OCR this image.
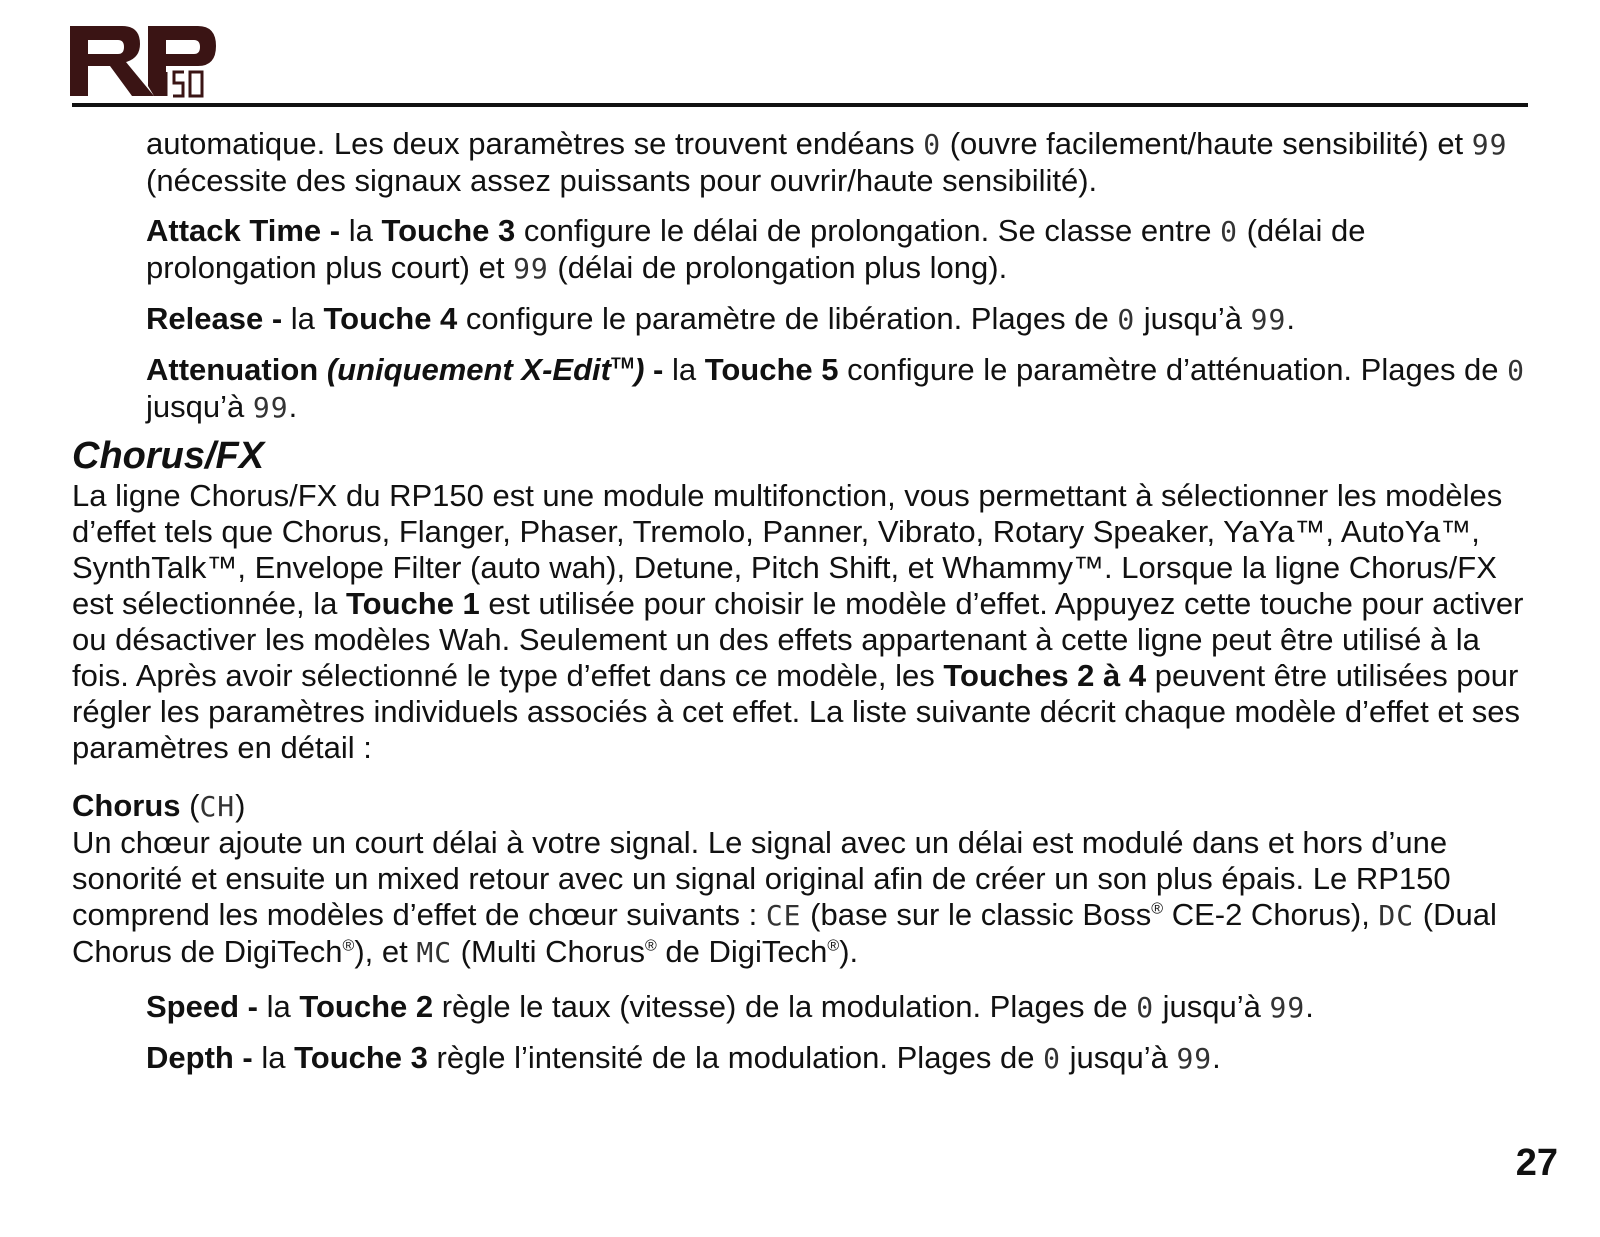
automatique. Les deux paramètres se trouvent endéans 0 (ouvre facilement/haute sensibilité) et 99 (nécessite des signaux assez puissants pour ouvrir/haute sensibilité).

Attack Time - la Touche 3 configure le délai de prolongation. Se classe entre 0 (délai de prolongation plus court) et 99 (délai de prolongation plus long).

Release - la Touche 4 configure le paramètre de libération. Plages de 0 jusqu’à 99.

Attenuation (uniquement X-Edit™) - la Touche 5 configure le paramètre d’atténuation. Plages de 0 jusqu’à 99.

Chorus/FX

La ligne Chorus/FX du RP150 est une module multifonction, vous permettant à sélectionner les modèles d’effet tels que Chorus, Flanger, Phaser, Tremolo, Panner, Vibrato, Rotary Speaker, YaYa™, AutoYa™, SynthTalk™, Envelope Filter (auto wah), Detune, Pitch Shift, et Whammy™. Lorsque la ligne Chorus/FX est sélectionnée, la Touche 1 est utilisée pour choisir le modèle d’effet. Appuyez cette touche pour activer ou désactiver les modèles Wah. Seulement un des effets appartenant à cette ligne peut être utilisé à la fois. Après avoir sélectionné le type d’effet dans ce modèle, les Touches 2 à 4 peuvent être utilisées pour régler les paramètres individuels associés à cet effet. La liste suivante décrit chaque modèle d’effet et ses paramètres en détail :

Chorus (CH)

Un chœur ajoute un court délai à votre signal. Le signal avec un délai est modulé dans et hors d’une sonorité et ensuite un mixed retour avec un signal original afin de créer un son plus épais. Le RP150 comprend les modèles d’effet de chœur suivants : CE (base sur le classic Boss® CE-2 Chorus), DC (Dual Chorus de DigiTech®), et MC (Multi Chorus® de DigiTech®).

Speed - la Touche 2 règle le taux (vitesse) de la modulation. Plages de 0 jusqu’à 99.

Depth - la Touche 3 règle l’intensité de la modulation. Plages de 0 jusqu’à 99.

27
